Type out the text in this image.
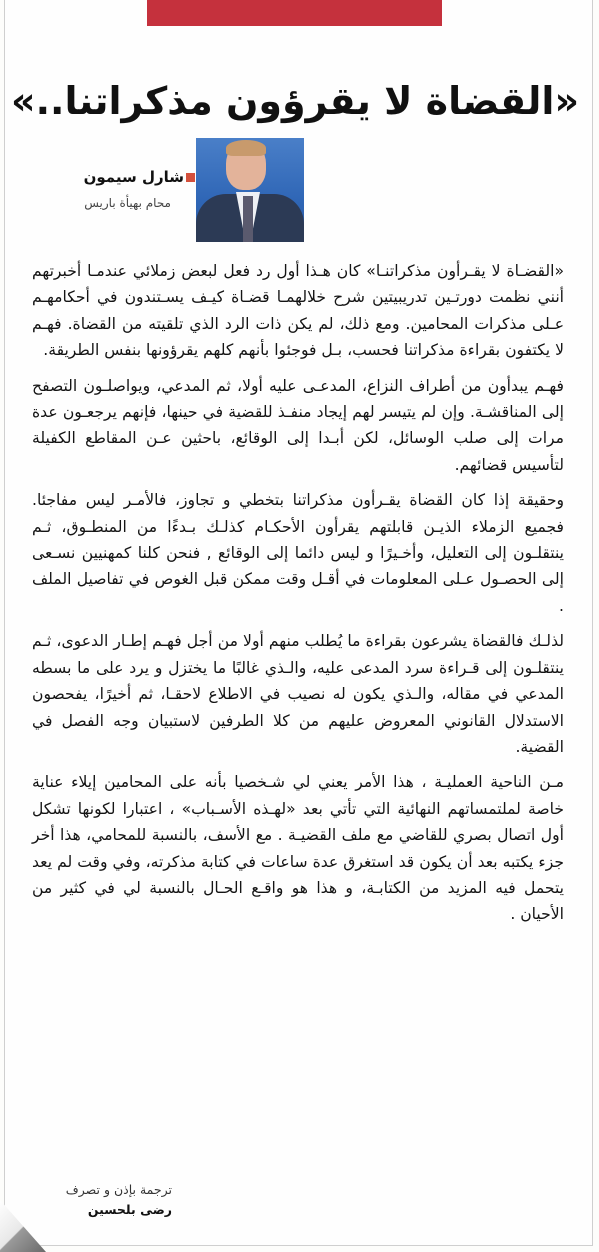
«القضاة لا يقرؤون مذكراتنا..»
شارل سيمون
محام بهيأة باريس

«القضـاة لا يقـرأون مذكراتنـا» كان هـذا أول رد فعل لبعض زملائي عندمـا أخبرتهم أنني نظمت دورتـين تدريبيتين شرح خلالهمـا قضـاة كيـف يسـتندون في أحكامهـم عـلى مذكرات المحامين. ومع ذلك، لم يكن ذات الرد الذي تلقيته من القضاة. فهـم لا يكتفون بقراءة مذكراتنا فحسب، بـل فوجئوا بأنهم كلهم يقرؤونها بنفس الطريقة.

فهـم يبدأون من أطراف النزاع، المدعـى عليه أولا، ثم المدعي، ويواصلـون التصفح إلى المناقشـة. وإن لم يتيسر لهم إيجاد منفـذ للقضية في حينها، فإنهم يرجعـون عدة مرات إلى صلب الوسائل، لكن أبـدا إلى الوقائع، باحثين عـن المقاطع الكفيلة لتأسيس قضائهم.

وحقيقة إذا كان القضاة يقـرأون مذكراتنا بتخطي و تجاوز، فالأمـر ليس مفاجئا. فجميع الزملاء الذيـن قابلتهم يقرأون الأحكـام كذلـك بـدءًا من المنطـوق، ثـم ينتقلـون إلى التعليل، وأخـيرًا و ليس دائما إلى الوقائع , فنحن كلنا كمهنيين نسـعى إلى الحصـول عـلى المعلومات في أقـل وقت ممكن قبل الغوص في تفاصيل الملف .

لذلـك فالقضاة يشرعون بقراءة ما يُطلب منهم أولا من أجل فهـم إطـار الدعوى، ثـم ينتقلـون إلى قـراءة سرد المدعى عليه، والـذي غالبًا ما يختزل و يرد على ما بسطه المدعي في مقاله، والـذي يكون له نصيب في الاطلاع لاحقـا، ثم أخيرًا، يفحصون الاستدلال القانوني المعروض عليهم من كلا الطرفين لاستبيان وجه الفصل في القضية.

مـن الناحية العمليـة ، هذا الأمر يعني لي شـخصيا بأنه على المحامين إيلاء عناية خاصة لملتمساتهم النهائية التي تأتي بعد «لهـذه الأسـباب» ، اعتبارا لكونها تشكل أول اتصال بصري للقاضي مع ملف القضيـة . مع الأسف، بالنسبة للمحامي، هذا أخر جزء يكتبه بعد أن يكون قد استغرق عدة ساعات في كتابة مذكرته، وفي وقت لم يعد يتحمل فيه المزيد من الكتابـة، و هذا هو واقـع الحـال بالنسبة لي في كثير من الأحيان .

ترجمة بإذن و تصرف
رضى بلحسين
